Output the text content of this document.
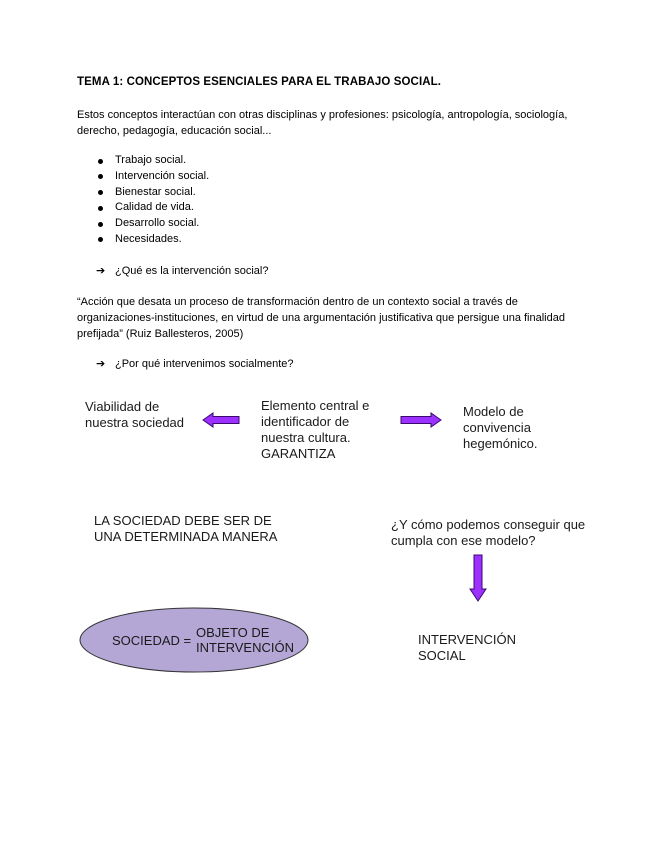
TEMA 1: CONCEPTOS ESENCIALES PARA EL TRABAJO SOCIAL.
Estos conceptos interactúan con otras disciplinas y profesiones: psicología, antropología, sociología, derecho, pedagogía, educación social...
Trabajo social.
Intervención social.
Bienestar social.
Calidad de vida.
Desarrollo social.
Necesidades.
➔ ¿Qué es la intervención social?
“Acción que desata un proceso de transformación dentro de un contexto social a través de organizaciones-instituciones, en virtud de una argumentación justificativa que persigue una finalidad prefijada” (Ruiz Ballesteros, 2005)
➔ ¿Por qué intervenimos socialmente?
Viabilidad de nuestra sociedad
Elemento central e identificador de nuestra cultura. GARANTIZA
Modelo de convivencia hegemónico.
LA SOCIEDAD DEBE SER DE UNA DETERMINADA MANERA
¿Y cómo podemos conseguir que cumpla con ese modelo?
SOCIEDAD =
OBJETO DE INTERVENCIÓN
INTERVENCIÓN SOCIAL
